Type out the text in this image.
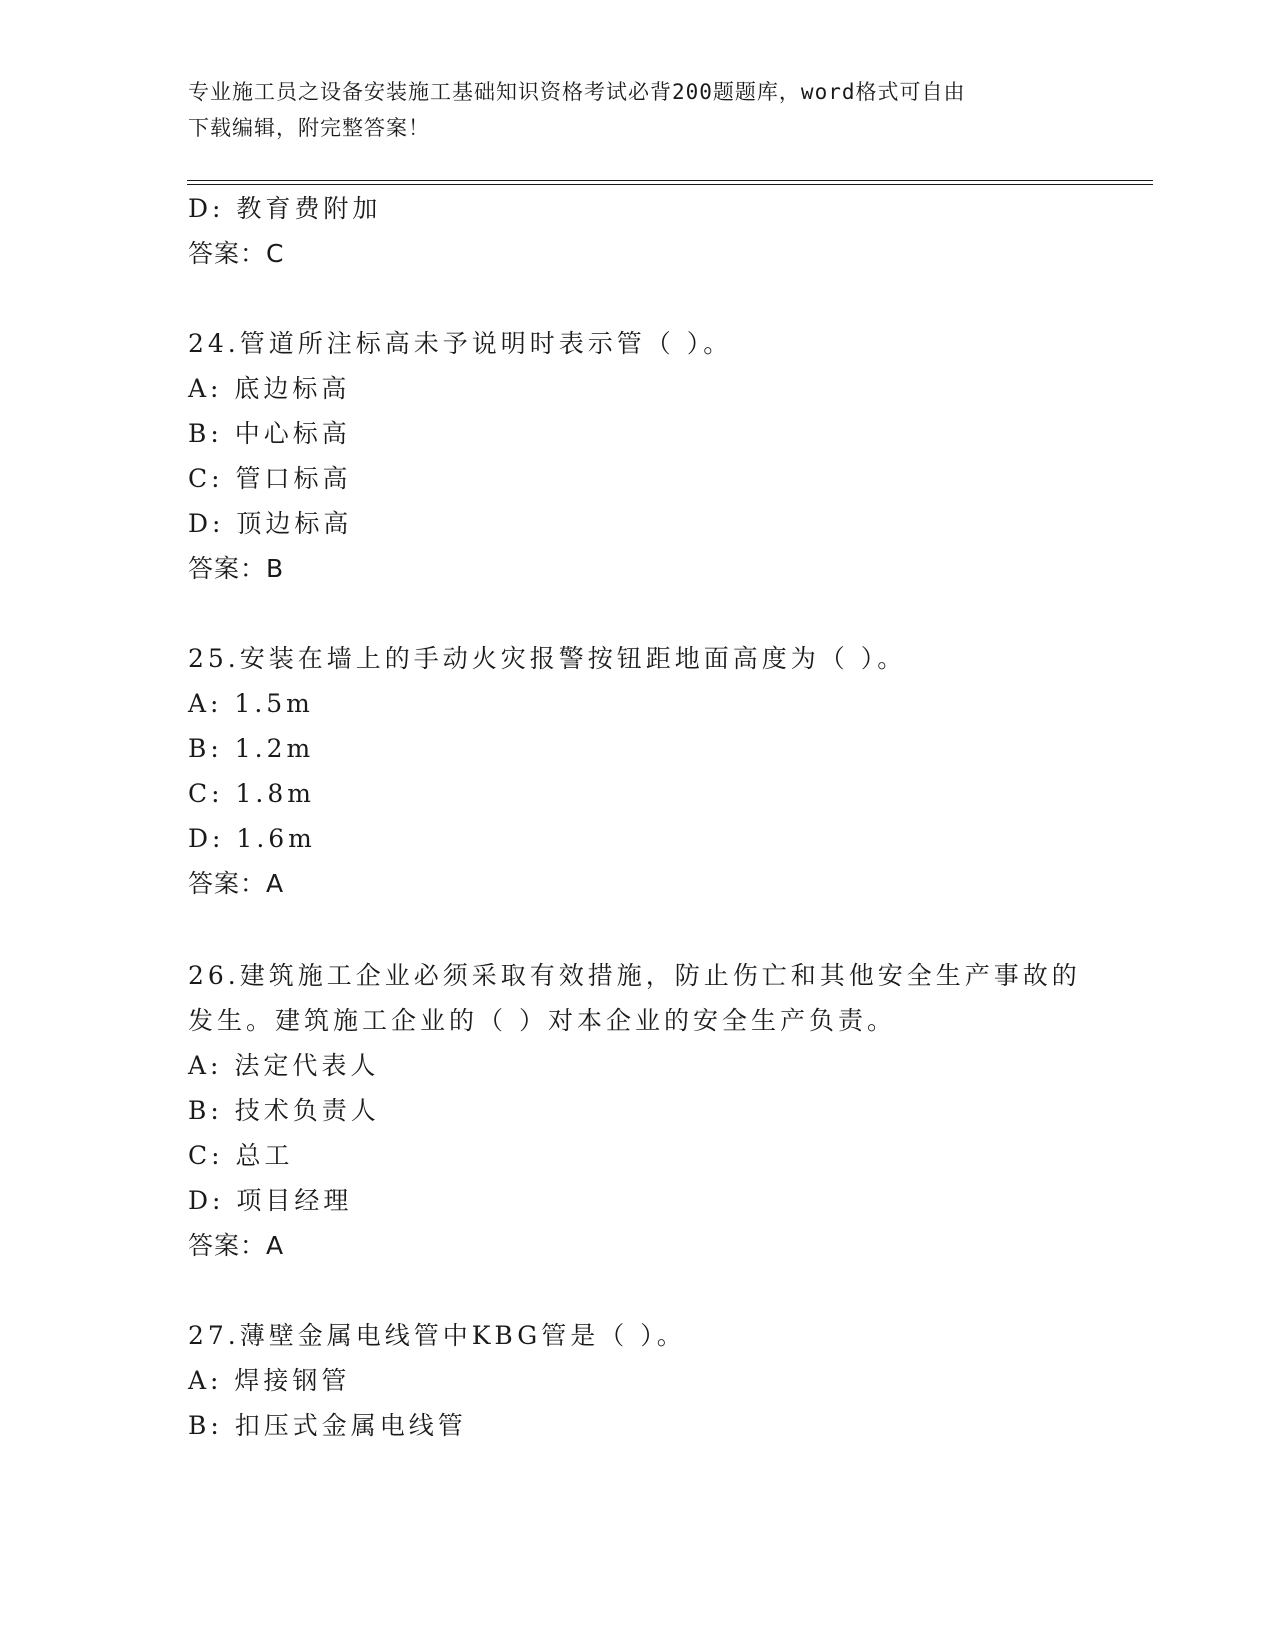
专业施工员之设备安装施工基础知识资格考试必背200题题库，word格式可自由
下载编辑，附完整答案！
D: 教育费附加
答案：C
24.管道所注标高未予说明时表示管（ ）。
A: 底边标高
B: 中心标高
C: 管口标高
D: 顶边标高
答案：B
25.安装在墙上的手动火灾报警按钮距地面高度为（ ）。
A: 1.5m
B: 1.2m
C: 1.8m
D: 1.6m
答案：A
26.建筑施工企业必须采取有效措施，防止伤亡和其他安全生产事故的
发生。建筑施工企业的（ ）对本企业的安全生产负责。
A: 法定代表人
B: 技术负责人
C: 总工
D: 项目经理
答案：A
27.薄壁金属电线管中KBG管是（ ）。
A: 焊接钢管
B: 扣压式金属电线管
